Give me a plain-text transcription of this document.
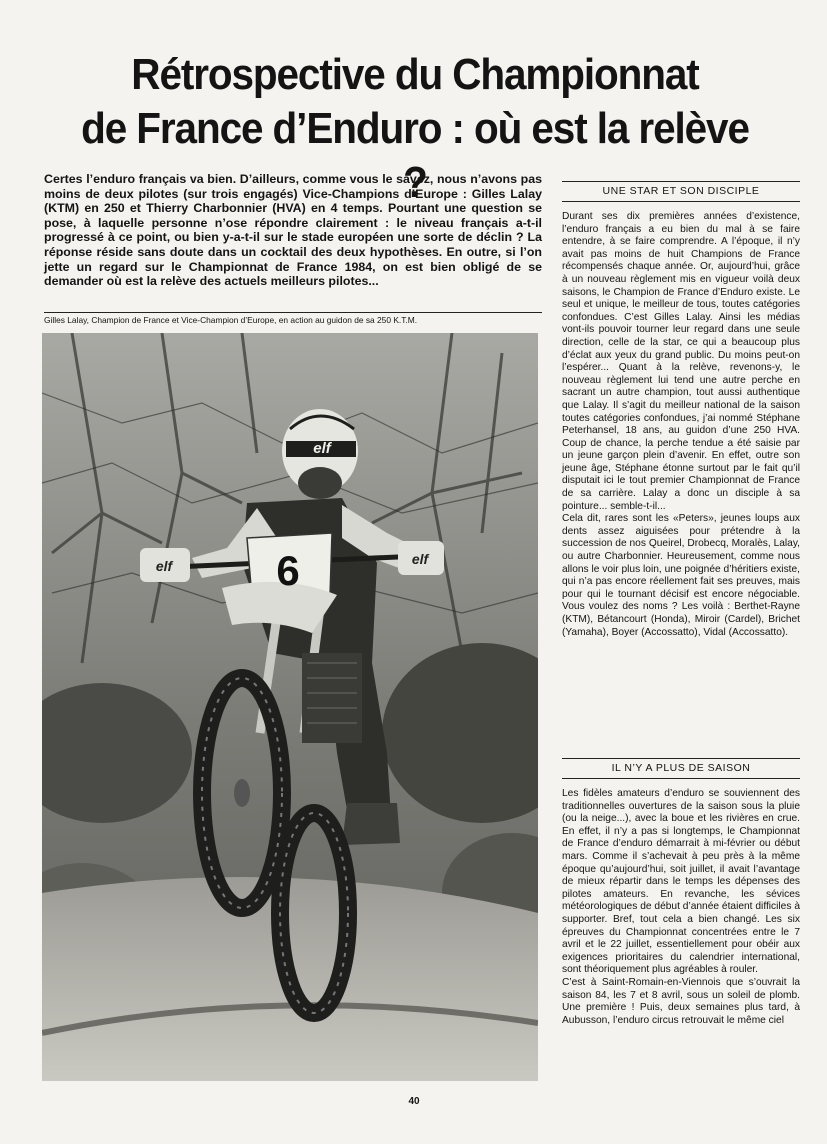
Rétrospective du Championnat
de France d’Enduro : où est la relève ?

Certes l’enduro français va bien. D’ailleurs, comme vous le savez, nous n’avons pas moins de deux pilotes (sur trois engagés) Vice-Champions d’Europe : Gilles Lalay (KTM) en 250 et Thierry Charbonnier (HVA) en 4 temps. Pourtant une question se pose, à laquelle personne n’ose répondre clairement : le niveau français a-t-il progressé à ce point, ou bien y-a-t-il sur le stade européen une sorte de déclin ? La réponse réside sans doute dans un cocktail des deux hypothèses. En outre, si l’on jette un regard sur le Championnat de France 1984, on est bien obligé de se demander où est la relève des actuels meilleurs pilotes...

Gilles Lalay, Champion de France et Vice-Champion d’Europe, en action au guidon de sa 250 K.T.M.
6
elf
elf	elf
UNE STAR ET SON DISCIPLE

Durant ses dix premières années d’existence, l’enduro français a eu bien du mal à se faire entendre, à se faire comprendre. A l’époque, il n’y avait pas moins de huit Champions de France récompensés chaque année. Or, aujourd’hui, grâce à un nouveau règlement mis en vigueur voilà deux saisons, le Champion de France d’Enduro existe. Le seul et unique, le meilleur de tous, toutes catégories confondues. C’est Gilles Lalay. Ainsi les médias vont-ils pouvoir tourner leur regard dans une seule direction, celle de la star, ce qui a beaucoup plus d’éclat aux yeux du grand public. Du moins peut-on l’espérer... Quant à la relève, revenons-y, le nouveau règlement lui tend une autre perche en sacrant un autre champion, tout aussi authentique que Lalay. Il s’agit du meilleur national de la saison toutes catégories confondues, j’ai nommé Stéphane Peterhansel, 18 ans, au guidon d’une 250 HVA. Coup de chance, la perche tendue a été saisie par un jeune garçon plein d’avenir. En effet, outre son jeune âge, Stéphane étonne surtout par le fait qu’il disputait ici le tout premier Championnat de France de sa carrière. Lalay a donc un disciple à sa pointure... semble-t-il...

Cela dit, rares sont les «Peters», jeunes loups aux dents assez aiguisées pour prétendre à la succession de nos Queirel, Drobecq, Moralès, Lalay, ou autre Charbonnier. Heureusement, comme nous allons le voir plus loin, une poignée d’héritiers existe, qui n’a pas encore réellement fait ses preuves, mais pour qui le tournant décisif est encore négociable. Vous voulez des noms ? Les voilà : Berthet-Rayne (KTM), Bétancourt (Honda), Miroir (Cardel), Brichet (Yamaha), Boyer (Accossatto), Vidal (Accossatto).

IL N’Y A PLUS DE SAISON

Les fidèles amateurs d’enduro se souviennent des traditionnelles ouvertures de la saison sous la pluie (ou la neige...), avec la boue et les rivières en crue. En effet, il n’y a pas si longtemps, le Championnat de France d’enduro démarrait à mi-février ou début mars. Comme il s’achevait à peu près à la même époque qu’aujourd’hui, soit juillet, il avait l’avantage de mieux répartir dans le temps les dépenses des pilotes amateurs. En revanche, les sévices météorologiques de début d’année étaient difficiles à supporter. Bref, tout cela a bien changé. Les six épreuves du Championnat concentrées entre le 7 avril et le 22 juillet, essentiellement pour obéir aux exigences prioritaires du calendrier international, sont théoriquement plus agréables à rouler.

C’est à Saint-Romain-en-Viennois que s’ouvrait la saison 84, les 7 et 8 avril, sous un soleil de plomb. Une première ! Puis, deux semaines plus tard, à Aubusson, l’enduro circus retrouvait le même ciel

40
